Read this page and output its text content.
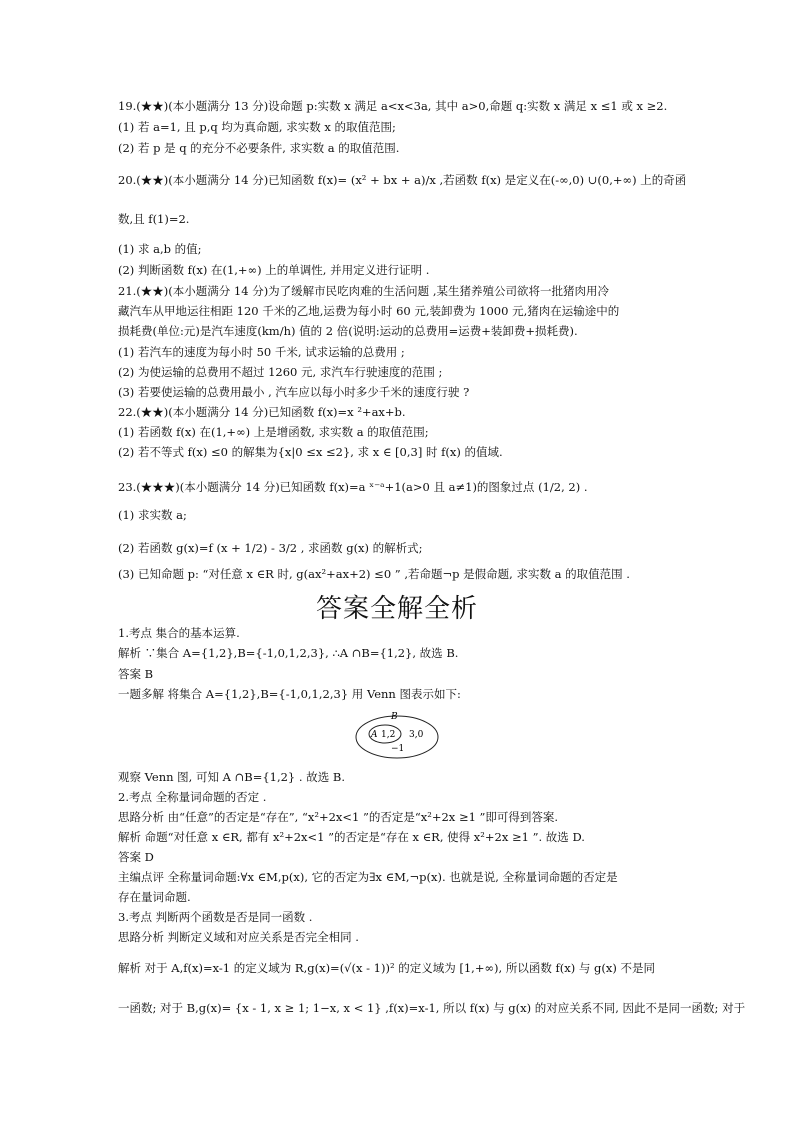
19.(★★)(本小题满分 13 分)设命题 p:实数 x 满足 a<x<3a, 其中 a>0,命题 q:实数 x 满足 x ≤1 或 x ≥2.
(1) 若 a=1, 且 p,q 均为真命题, 求实数 x 的取值范围;
(2) 若 p 是 q 的充分不必要条件, 求实数 a 的取值范围.
20.(★★)(本小题满分 14 分)已知函数 f(x)= (x² + bx + a)/x ,若函数 f(x) 是定义在(-∞,0) ∪(0,+∞) 上的奇函
数,且 f(1)=2.
(1) 求 a,b 的值;
(2) 判断函数 f(x) 在(1,+∞) 上的单调性, 并用定义进行证明 .
21.(★★)(本小题满分 14 分)为了缓解市民吃肉难的生活问题 ,某生猪养殖公司欲将一批猪肉用冷
藏汽车从甲地运往相距 120 千米的乙地,运费为每小时 60 元,装卸费为 1000 元,猪肉在运输途中的
损耗费(单位:元)是汽车速度(km/h) 值的 2 倍(说明:运动的总费用=运费+装卸费+损耗费).
(1) 若汽车的速度为每小时 50 千米, 试求运输的总费用 ;
(2) 为使运输的总费用不超过 1260 元, 求汽车行驶速度的范围 ;
(3) 若要使运输的总费用最小 , 汽车应以每小时多少千米的速度行驶 ?
22.(★★)(本小题满分 14 分)已知函数 f(x)=x ²+ax+b.
(1) 若函数 f(x) 在(1,+∞) 上是增函数, 求实数 a 的取值范围;
(2) 若不等式 f(x) ≤0 的解集为{x|0 ≤x ≤2}, 求 x ∈ [0,3] 时 f(x) 的值域.
23.(★★★)(本小题满分 14 分)已知函数 f(x)=a ˣ⁻ᵃ+1(a>0 且 a≠1)的图象过点 (1/2, 2) .
(1) 求实数 a;
(2) 若函数 g(x)=f (x + 1/2) - 3/2 , 求函数 g(x) 的解析式;
(3) 已知命题 p: “对任意 x ∈R 时, g(ax²+ax+2) ≤0 ” ,若命题¬p 是假命题, 求实数 a 的取值范围 .
答案全解全析
1.考点 集合的基本运算.
解析 ∵集合 A={1,2},B={-1,0,1,2,3}, ∴A ∩B={1,2}, 故选 B.
答案 B
一题多解 将集合 A={1,2},B={-1,0,1,2,3} 用 Venn 图表示如下:
B
A 1,2 3,0
−1
观察 Venn 图, 可知 A ∩B={1,2} . 故选 B.
2.考点 全称量词命题的否定 .
思路分析 由“任意”的否定是“存在”, “x²+2x<1 ”的否定是“x²+2x ≥1 ”即可得到答案.
解析 命题“对任意 x ∈R, 都有 x²+2x<1 ”的否定是“存在 x ∈R, 使得 x²+2x ≥1 ”. 故选 D.
答案 D
主编点评 全称量词命题:∀x ∈M,p(x), 它的否定为∃x ∈M,¬p(x). 也就是说, 全称量词命题的否定是
存在量词命题.
3.考点 判断两个函数是否是同一函数 .
思路分析 判断定义域和对应关系是否完全相同 .
解析 对于 A,f(x)=x-1 的定义域为 R,g(x)=(√(x - 1))² 的定义域为 [1,+∞), 所以函数 f(x) 与 g(x) 不是同
一函数; 对于 B,g(x)= {x - 1, x ≥ 1; 1−x, x < 1} ,f(x)=x-1, 所以 f(x) 与 g(x) 的对应关系不同, 因此不是同一函数; 对于
